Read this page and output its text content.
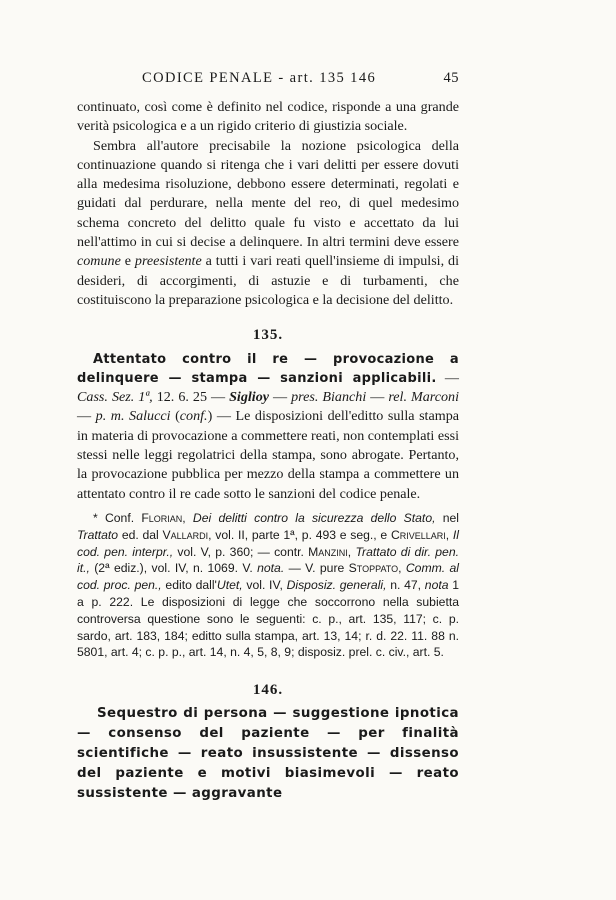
CODICE PENALE - art. 135 146	45

continuato, così come è definito nel codice, risponde a una grande verità psicologica e a un rigido criterio di giustizia sociale.

Sembra all'autore precisabile la nozione psicologica della continuazione quando si ritenga che i vari delitti per essere dovuti alla medesima risoluzione, debbono essere determinati, regolati e guidati dal perdurare, nella mente del reo, di quel medesimo schema concreto del delitto quale fu visto e accettato da lui nell'attimo in cui si decise a delinquere. In altri termini deve essere comune e preesistente a tutti i vari reati quell'insieme di impulsi, di desideri, di accorgimenti, di astuzie e di turbamenti, che costituiscono la preparazione psicologica e la decisione del delitto.

135.

Attentato contro il re — provocazione a delinquere — stampa — sanzioni applicabili. — Cass. Sez. 1ª, 12. 6. 25 — Siglioy — pres. Bianchi — rel. Marconi — p. m. Salucci (conf.) — Le disposizioni dell'editto sulla stampa in materia di provocazione a commettere reati, non contemplati essi stessi nelle leggi regolatrici della stampa, sono abrogate. Pertanto, la provocazione pubblica per mezzo della stampa a commettere un attentato contro il re cade sotto le sanzioni del codice penale.

* Conf. Florian, Dei delitti contro la sicurezza dello Stato, nel Trattato ed. dal Vallardi, vol. II, parte 1ª, p. 493 e seg., e Crivellari, Il cod. pen. interpr., vol. V, p. 360; — contr. Manzini, Trattato di dir. pen. it., (2ª ediz.), vol. IV, n. 1069. V. nota. — V. pure Stoppato, Comm. al cod. proc. pen., edito dall'Utet, vol. IV, Disposiz. generali, n. 47, nota 1 a p. 222. Le disposizioni di legge che soccorrono nella subietta controversa questione sono le seguenti: c. p., art. 135, 117; c. p. sardo, art. 183, 184; editto sulla stampa, art. 13, 14; r. d. 22. 11. 88 n. 5801, art. 4; c. p. p., art. 14, n. 4, 5, 8, 9; disposiz. prel. c. civ., art. 5.

146.

Sequestro di persona — suggestione ipnotica — consenso del paziente — per finalità scientifiche — reato insussistente — dissenso del paziente e motivi biasimevoli — reato sussistente — aggravante
